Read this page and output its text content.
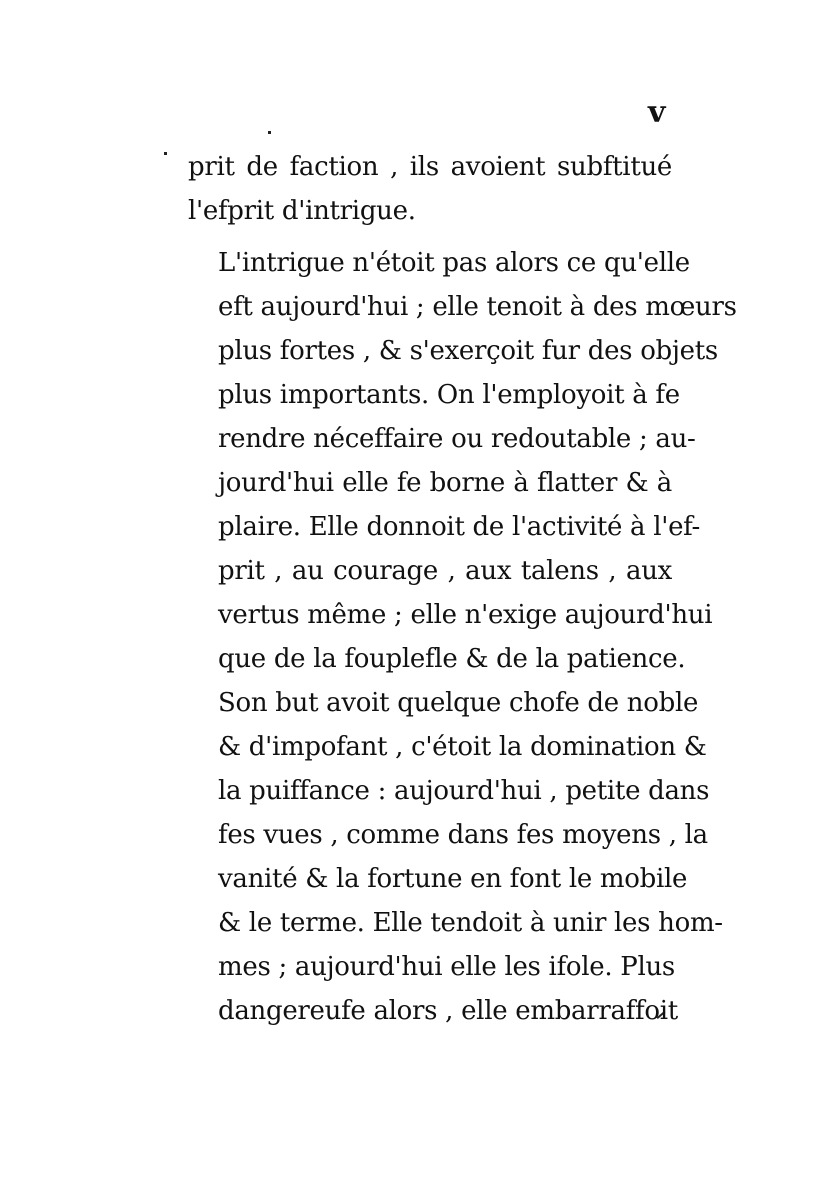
v

prit de faction , ils avoient subftitué
l'efprit d'intrigue.

L'intrigue n'étoit pas alors ce qu'elle
eft aujourd'hui ; elle tenoit à des mœurs
plus fortes , & s'exerçoit fur des objets
plus importants. On l'employoit à fe
rendre néceffaire ou redoutable ; au-
jourd'hui elle fe borne à flatter & à
plaire. Elle donnoit de l'activité à l'ef-
prit , au courage , aux talens , aux
vertus même ; elle n'exige aujourd'hui
que de la fouplefle & de la patience.
Son but avoit quelque chofe de noble
& d'impofant , c'étoit la domination &
la puiffance : aujourd'hui , petite dans
fes vues , comme dans fes moyens , la
vanité & la fortune en font le mobile
& le terme. Elle tendoit à unir les hom-
mes ; aujourd'hui elle les ifole. Plus
dangereufe alors , elle embarraffoit
